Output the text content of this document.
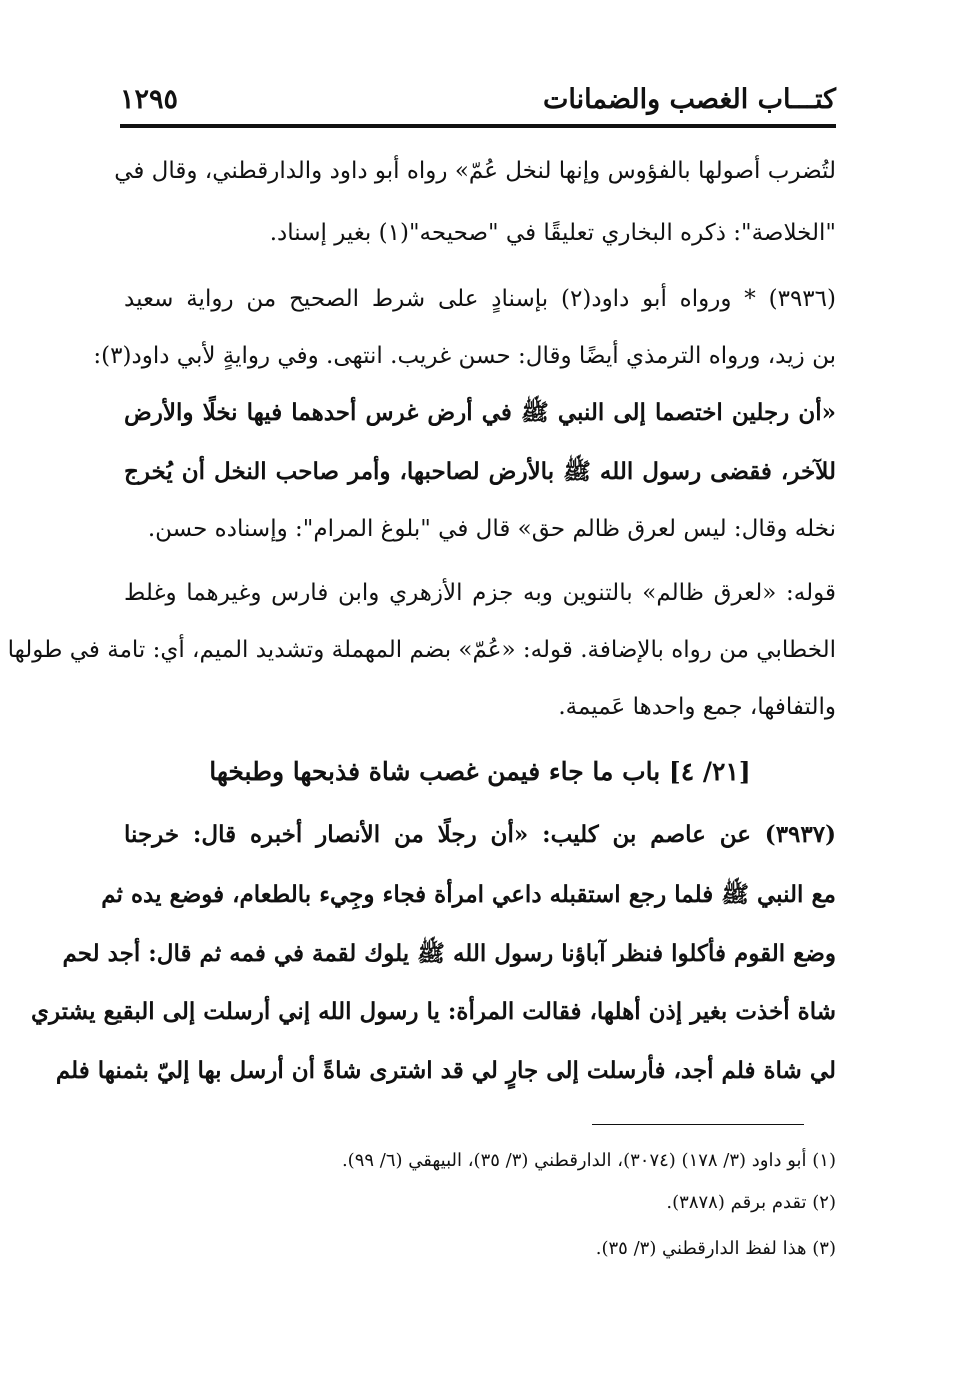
كتـــاب الغصب والضمانات
١٢٩٥
لتُضرب أصولها بالفؤوس وإنها لنخل عُمّ» رواه أبو داود والدارقطني، وقال في
"الخلاصة": ذكره البخاري تعليقًا في "صحيحه"(١) بغير إسناد.
(٣٩٣٦) * ورواه أبو داود(٢) بإسنادٍ على شرط الصحيح من رواية سعيد
بن زيد، ورواه الترمذي أيضًا وقال: حسن غريب. انتهى. وفي روايةٍ لأبي داود(٣):
«أن رجلين اختصما إلى النبي ﷺ في أرض غرس أحدهما فيها نخلًا والأرض
للآخر، فقضى رسول الله ﷺ بالأرض لصاحبها، وأمر صاحب النخل أن يُخرج
نخله وقال: ليس لعرق ظالم حق» قال في "بلوغ المرام": وإسناده حسن.
قوله: «لعرق ظالم» بالتنوين وبه جزم الأزهري وابن فارس وغيرهما وغلط
الخطابي من رواه بالإضافة. قوله: «عُمّ» بضم المهملة وتشديد الميم، أي: تامة في طولها
والتفافها، جمع واحدها عَميمة.
[٢١/ ٤] باب ما جاء فيمن غصب شاة فذبحها وطبخها
(٣٩٣٧) عن عاصم بن كليب: «أن رجلًا من الأنصار أخبره قال: خرجنا
مع النبي ﷺ فلما رجع استقبله داعي امرأة فجاء وجِيء بالطعام، فوضع يده ثم
وضع القوم فأكلوا فنظر آباؤنا رسول الله ﷺ يلوك لقمة في فمه ثم قال: أجد لحم
شاة أخذت بغير إذن أهلها، فقالت المرأة: يا رسول الله إني أرسلت إلى البقيع يشتري
لي شاة فلم أجد، فأرسلت إلى جارٍ لي قد اشترى شاةً أن أرسل بها إليّ بثمنها فلم
(١) أبو داود (٣/ ١٧٨) (٣٠٧٤)، الدارقطني (٣/ ٣٥)، البيهقي (٦/ ٩٩).
(٢) تقدم برقم (٣٨٧٨).
(٣) هذا لفظ الدارقطني (٣/ ٣٥).
